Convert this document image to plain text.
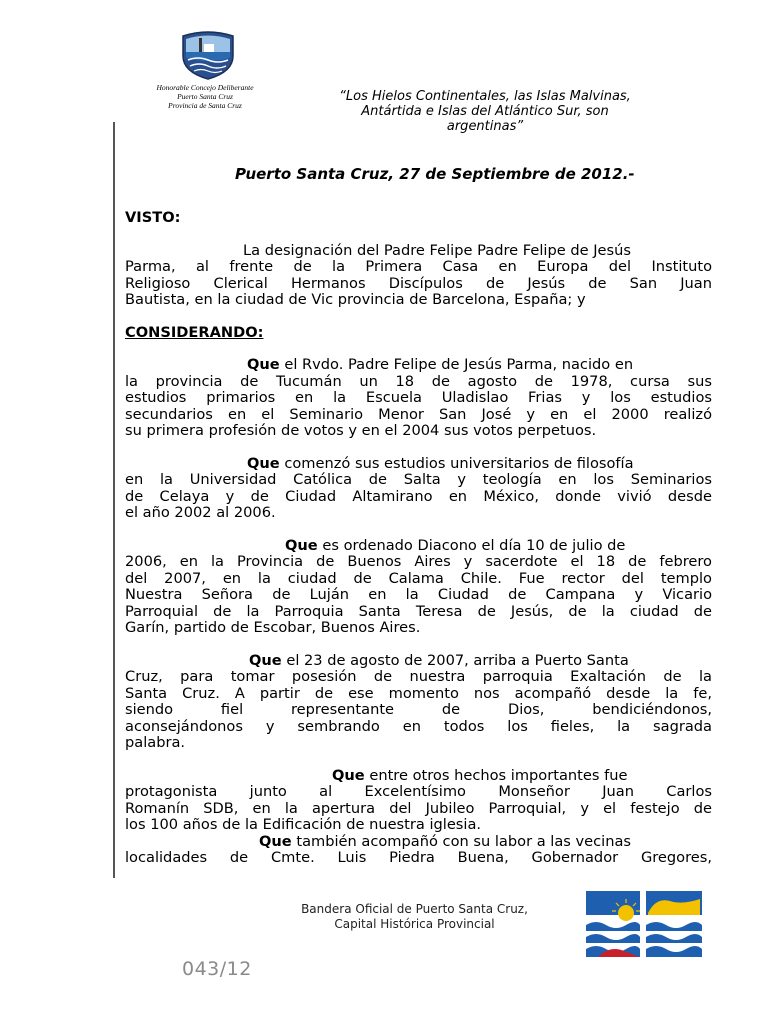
Honorable Concejo Deliberante
Puerto Santa Cruz
Provincia de Santa Cruz
“Los Hielos Continentales, las Islas Malvinas,
Antártida e Islas del Atlántico Sur, son
argentinas”
Puerto Santa Cruz, 27 de Septiembre de 2012.-

VISTO:

La designación del Padre Felipe Padre Felipe de Jesús

Parma, al frente de la Primera Casa en Europa del Instituto

Religioso Clerical Hermanos Discípulos de Jesús de San Juan

Bautista, en la ciudad de Vic provincia de Barcelona, España; y

CONSIDERANDO:

Que el Rvdo. Padre Felipe de Jesús Parma, nacido en

la provincia de Tucumán un 18 de agosto de 1978, cursa sus

estudios primarios en la Escuela Uladislao Frias y los estudios

secundarios en el Seminario Menor San José y en el 2000 realizó

su primera profesión de votos y en el 2004 sus votos perpetuos.

Que comenzó sus estudios universitarios de filosofía

en la Universidad Católica de Salta y teología en los Seminarios

de Celaya y de Ciudad Altamirano en México, donde vivió desde

el año 2002 al 2006.

Que es ordenado Diacono el día 10 de julio de

2006, en la Provincia de Buenos Aires y sacerdote el 18 de febrero

del 2007, en la ciudad de Calama Chile. Fue rector del templo

Nuestra Señora de Luján en la Ciudad de Campana y Vicario

Parroquial de la Parroquia Santa Teresa de Jesús, de la ciudad de

Garín, partido de Escobar, Buenos Aires.

Que el 23 de agosto de 2007, arriba a Puerto Santa

Cruz, para tomar posesión de nuestra parroquia Exaltación de la

Santa Cruz. A partir de ese momento nos acompañó desde la fe,

siendo fiel representante de Dios, bendiciéndonos,

aconsejándonos y sembrando en todos los fieles, la sagrada

palabra.

Que entre otros hechos importantes fue

protagonista junto al Excelentísimo Monseñor Juan Carlos

Romanín SDB, en la apertura del Jubileo Parroquial, y el festejo de

los 100 años de la Edificación de nuestra iglesia.

Que también acompañó con su labor a las vecinas

localidades de Cmte. Luis Piedra Buena, Gobernador Gregores,

Bandera Oficial de Puerto Santa Cruz,
Capital Histórica Provincial
043/12
